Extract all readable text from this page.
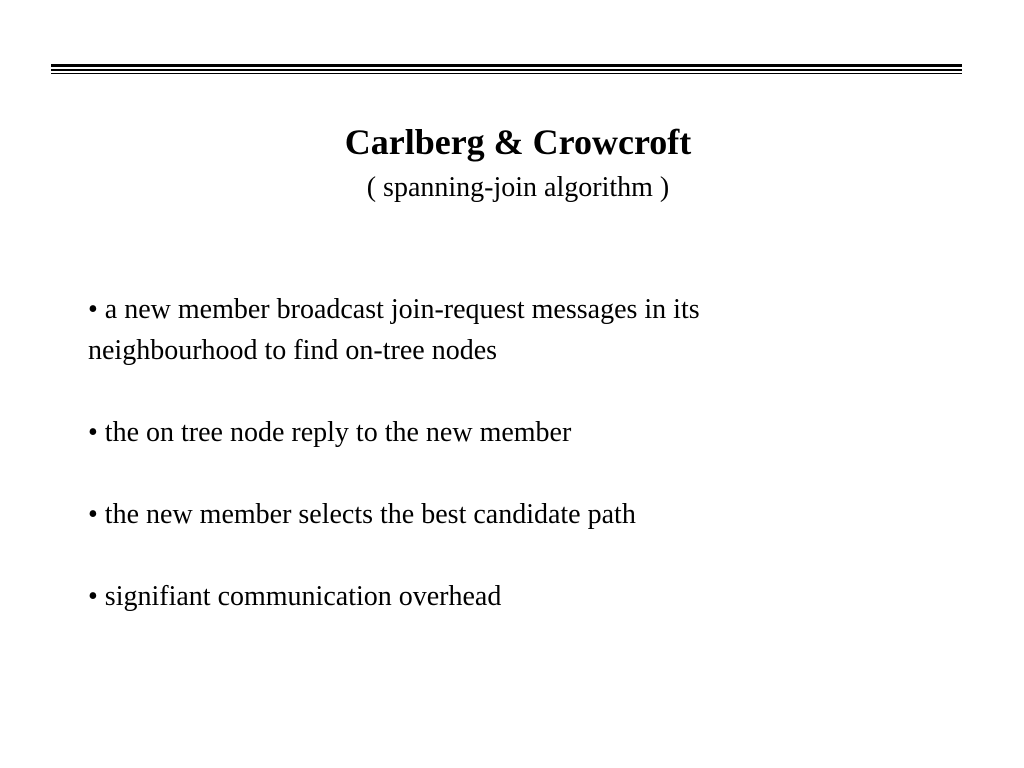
Carlberg & Crowcroft
( spanning-join algorithm )
• a new member broadcast join-request messages in its
neighbourhood to find on-tree nodes
• the on tree node reply to the new member
• the new member selects the best candidate path
• signifiant communication overhead
